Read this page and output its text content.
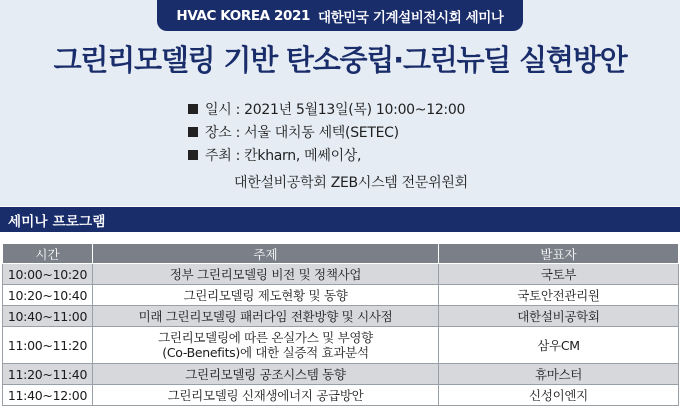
HVAC KOREA 2021 대한민국 기계설비전시회 세미나
그린리모델링 기반 탄소중립·그린뉴딜 실현방안
일시 : 2021년 5월13일(목) 10:00~12:00
장소 : 서울 대치동 세텍(SETEC)
주최 : 칸kharn, 메쎄이상,
대한설비공학회 ZEB시스템 전문위원회
세미나 프로그램
시간	주제	발표자
10:00~10:20	정부 그린리모델링 비전 및 정책사업	국토부
10:20~10:40	그린리모델링 제도현황 및 동향	국토안전관리원
10:40~11:00	미래 그린리모델링 패러다임 전환방향 및 시사점	대한설비공학회
11:00~11:20	그린리모델링에 따른 온실가스 및 부영향
(Co-Benefits)에 대한 실증적 효과분석	삼우CM
11:20~11:40	그린리모델링 공조시스템 동향	휴마스터
11:40~12:00	그린리모델링 신재생에너지 공급방안	신성이엔지
